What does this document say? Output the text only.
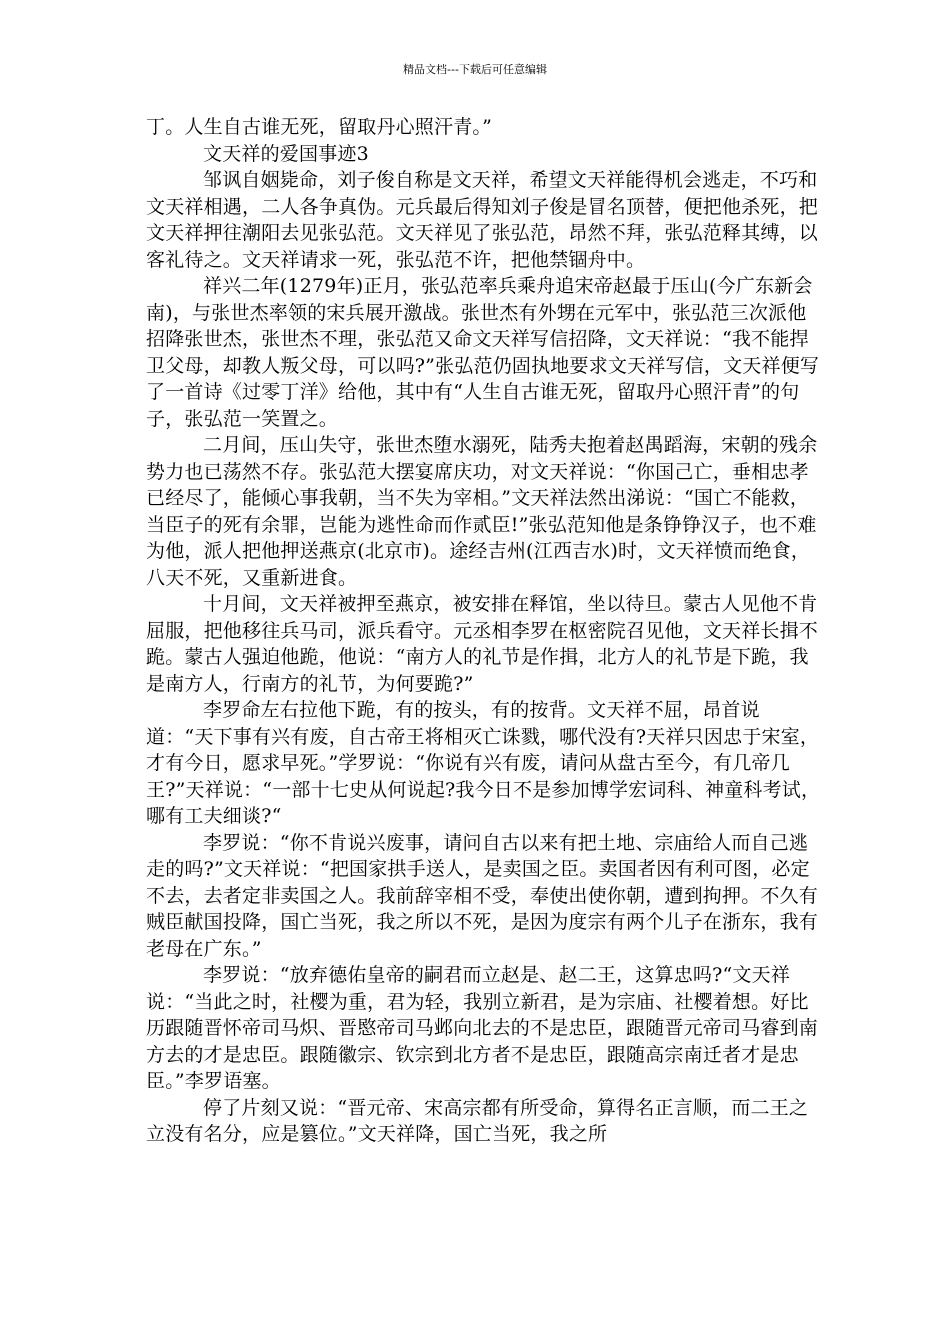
精品文档---下载后可任意编辑

丁。人生自古谁无死，留取丹心照汗青。”

文天祥的爱国事迹3

邹讽自姻毙命，刘子俊自称是文天祥，希望文天祥能得机会逃走，不巧和文天祥相遇，二人各争真伪。元兵最后得知刘子俊是冒名顶替，便把他杀死，把文天祥押往潮阳去见张弘范。文天祥见了张弘范，昂然不拜，张弘范释其缚，以客礼待之。文天祥请求一死，张弘范不许，把他禁锢舟中。

祥兴二年(1279年)正月，张弘范率兵乘舟追宋帝赵最于压山(今广东新会南)，与张世杰率领的宋兵展开激战。张世杰有外甥在元军中，张弘范三次派他招降张世杰，张世杰不理，张弘范又命文天祥写信招降，文天祥说：“我不能捍卫父母，却教人叛父母，可以吗?”张弘范仍固执地要求文天祥写信，文天祥便写了一首诗《过零丁洋》给他，其中有“人生自古谁无死，留取丹心照汗青”的句子，张弘范一笑置之。

二月间，压山失守，张世杰堕水溺死，陆秀夫抱着赵禺蹈海，宋朝的残余势力也已荡然不存。张弘范大摆宴席庆功，对文天祥说：“你国己亡，垂相忠孝已经尽了，能倾心事我朝，当不失为宰相。”文天祥法然出涕说：“国亡不能救，当臣子的死有余罪，岂能为逃性命而作贰臣!”张弘范知他是条铮铮汉子，也不难为他，派人把他押送燕京(北京市)。途经吉州(江西吉水)时，文天祥愤而绝食，八天不死，又重新进食。

十月间，文天祥被押至燕京，被安排在释馆，坐以待旦。蒙古人见他不肯屈服，把他移往兵马司，派兵看守。元丞相李罗在枢密院召见他，文天祥长揖不跪。蒙古人强迫他跪，他说：“南方人的礼节是作揖，北方人的礼节是下跪，我是南方人，行南方的礼节，为何要跪?”

李罗命左右拉他下跪，有的按头，有的按背。文天祥不屈，昂首说道：“天下事有兴有废，自古帝王将相灭亡诛戮，哪代没有?天祥只因忠于宋室，才有今日，愿求早死。”学罗说：“你说有兴有废，请问从盘古至今，有几帝几王?”天祥说：“一部十七史从何说起?我今日不是参加博学宏词科、神童科考试，哪有工夫细谈?“

李罗说：“你不肯说兴废事，请问自古以来有把土地、宗庙给人而自己逃走的吗?”文天祥说：“把国家拱手送人，是卖国之臣。卖国者因有利可图，必定不去，去者定非卖国之人。我前辞宰相不受，奉使出使你朝，遭到拘押。不久有贼臣献国投降，国亡当死，我之所以不死，是因为度宗有两个儿子在浙东，我有老母在广东。”

李罗说：“放弃德佑皇帝的嗣君而立赵是、赵二王，这算忠吗?“文天祥说：“当此之时，社樱为重，君为轻，我别立新君，是为宗庙、社樱着想。好比历跟随晋怀帝司马炽、晋愍帝司马邺向北去的不是忠臣，跟随晋元帝司马睿到南方去的才是忠臣。跟随徽宗、钦宗到北方者不是忠臣，跟随高宗南迁者才是忠臣。”李罗语塞。

停了片刻又说：“晋元帝、宋高宗都有所受命，算得名正言顺，而二王之立没有名分，应是篡位。”文天祥降，国亡当死，我之所
